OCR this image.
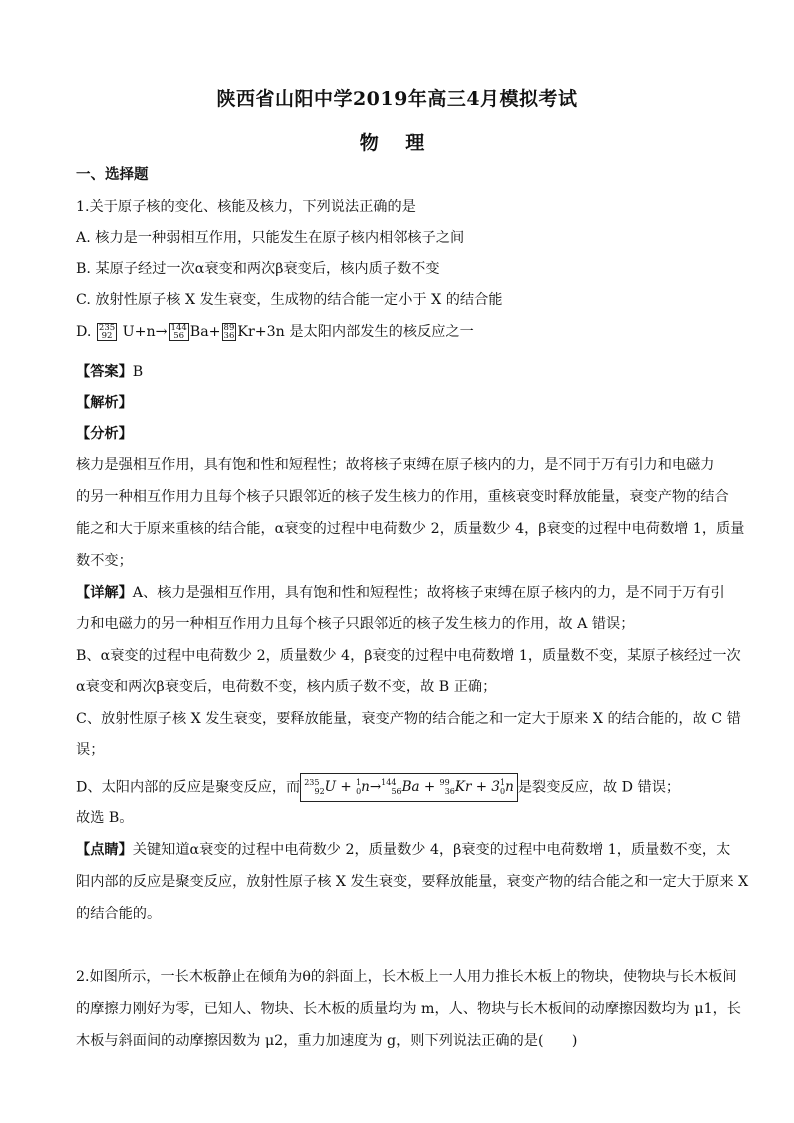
陕西省山阳中学2019年高三4月模拟考试
物 理
一、选择题
1.关于原子核的变化、核能及核力，下列说法正确的是
A. 核力是一种弱相互作用，只能发生在原子核内相邻核子之间
B. 某原子经过一次α衰变和两次β衰变后，核内质子数不变
C. 放射性原子核 X 发生衰变，生成物的结合能一定小于 X 的结合能
D. 235
92 U+n→ 144
56 Ba+ 89
36 Kr+3n 是太阳内部发生的核反应之一
【答案】B
【解析】
【分析】
核力是强相互作用，具有饱和性和短程性；故将核子束缚在原子核内的力，是不同于万有引力和电磁力
的另一种相互作用力且每个核子只跟邻近的核子发生核力的作用，重核衰变时释放能量，衰变产物的结合
能之和大于原来重核的结合能，α衰变的过程中电荷数少 2，质量数少 4，β衰变的过程中电荷数增 1，质量
数不变；
【详解】A、核力是强相互作用，具有饱和性和短程性；故将核子束缚在原子核内的力，是不同于万有引
力和电磁力的另一种相互作用力且每个核子只跟邻近的核子发生核力的作用，故 A 错误；
B、α衰变的过程中电荷数少 2，质量数少 4，β衰变的过程中电荷数增 1，质量数不变，某原子核经过一次
α衰变和两次β衰变后，电荷数不变，核内质子数不变，故 B 正确；
C、放射性原子核 X 发生衰变，要释放能量，衰变产物的结合能之和一定大于原来 X 的结合能的，故 C 错
误；
D、太阳内部的反应是聚变反应，而 $^{235}_{92}U + ^1_0n\to^{144}_{56}Ba + ^{99}_{36}Kr + 3^1_0n$ 是裂变反应，故 D 错误；
故选 B。
【点睛】关键知道α衰变的过程中电荷数少 2，质量数少 4，β衰变的过程中电荷数增 1，质量数不变，太
阳内部的反应是聚变反应，放射性原子核 X 发生衰变，要释放能量，衰变产物的结合能之和一定大于原来 X
的结合能的。
2.如图所示，一长木板静止在倾角为θ的斜面上，长木板上一人用力推长木板上的物块，使物块与长木板间
的摩擦力刚好为零，已知人、物块、长木板的质量均为 m，人、物块与长木板间的动摩擦因数均为 μ1，长
木板与斜面间的动摩擦因数为 μ2，重力加速度为 g，则下列说法正确的是(　　)
